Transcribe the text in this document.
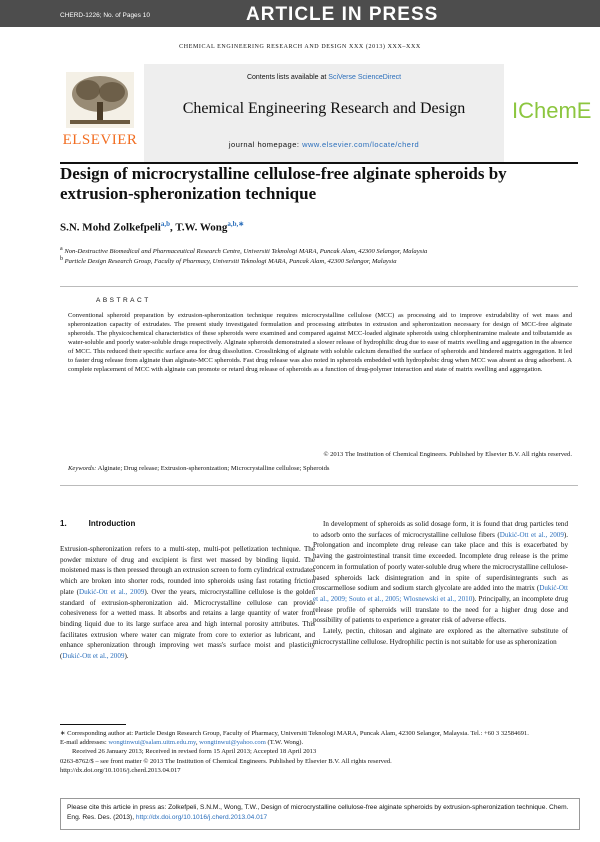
CHERD-1226; No. of Pages 10	ARTICLE IN PRESS
CHEMICAL ENGINEERING RESEARCH AND DESIGN XXX (2013) XXX–XXX
ELSEVIER
Contents lists available at SciVerse ScienceDirect
Chemical Engineering Research and Design
journal homepage: www.elsevier.com/locate/cherd
IChemE
Design of microcrystalline cellulose-free alginate spheroids by extrusion-spheronization technique
S.N. Mohd Zolkefpeli$^{a,b}$, T.W. Wong$^{a,b,∗}$
$^a$ Non-Destructive Biomedical and Pharmaceutical Research Centre, Universiti Teknologi MARA, Puncak Alam, 42300 Selangor, Malaysia
$^b$ Particle Design Research Group, Faculty of Pharmacy, Universiti Teknologi MARA, Puncak Alam, 42300 Selangor, Malaysia
ABSTRACT
Conventional spheroid preparation by extrusion-spheronization technique requires microcrystalline cellulose (MCC) as processing aid to improve extrudability of wet mass and spheronization capacity of extrudates. The present study investigated formulation and processing attributes in extrusion and spheronization necessary for design of MCC-free alginate spheroids. The physicochemical characteristics of these spheroids were examined and compared against MCC-loaded alginate spheroids using chlorpheniramine maleate and tolbutamide as water-soluble and poorly water-soluble drugs respectively. Alginate spheroids demonstrated a slower release of hydrophilic drug due to ease of matrix swelling and aggregation in the absence of MCC. This reduced their specific surface area for drug dissolution. Crosslinking of alginate with soluble calcium densified the surface of spheroids and hindered matrix aggregation. It led to faster drug release from alginate than alginate-MCC spheroids. Fast drug release was also noted in spheroids embedded with hydrophobic drug when MCC was absent as drug adsorbent. A complete replacement of MCC with alginate can promote or retard drug release of spheroids as a function of drug-polymer interaction and state of matrix swelling and aggregation.
© 2013 The Institution of Chemical Engineers. Published by Elsevier B.V. All rights reserved.
Keywords: Alginate; Drug release; Extrusion-spheronization; Microcrystalline cellulose; Spheroids
1.	Introduction

Extrusion-spheronization refers to a multi-step, multi-pot pelletization technique. The powder mixture of drug and excipient is first wet massed by binding liquid. The moistened mass is then pressed through an extrusion screen to form cylindrical extrudates which are broken into shorter rods, rounded into spheroids using fast rotating friction plate (Dukić-Ott et al., 2009). Over the years, microcrystalline cellulose is the golden standard of extrusion-spheronization aid. Microcrystalline cellulose can provide cohesiveness for a wetted mass. It absorbs and retains a large quantity of water from binding liquid due to its large surface area and high internal porosity attributes. This facilitates extrusion where water can migrate from core to exterior as lubricant, and enhance spheronization through improving wet mass's surface moist and plasticity (Dukić-Ott et al., 2009).

In development of spheroids as solid dosage form, it is found that drug particles tend to adsorb onto the surfaces of microcrystalline cellulose fibers (Dukić-Ott et al., 2009). Prolongation and incomplete drug release can take place and this is exacerbated by having the gastrointestinal transit time exceeded. Incomplete drug release is the prime concern in formulation of poorly water-soluble drug where the microcrystalline cellulose-based spheroids lack disintegration and in spite of superdisintegrants such as croscarmellose sodium and sodium starch glycolate are added into the matrix (Dukić-Ott et al., 2009; Souto et al., 2005; Wlosnewski et al., 2010). Principally, an incomplete drug release profile of spheroids will translate to the need for a higher drug dose and possibility of patients to experience a greater risk of adverse effects.

Lately, pectin, chitosan and alginate are explored as the alternative substitute of microcrystalline cellulose. Hydrophilic pectin is not suitable for use as spheronization

∗ Corresponding author at: Particle Design Research Group, Faculty of Pharmacy, Universiti Teknologi MARA, Puncak Alam, 42300 Selangor, Malaysia. Tel.: +60 3 32584691.
E-mail addresses: wongtinwui@salam.uitm.edu.my, wongtinwui@yahoo.com (T.W. Wong).
Received 26 January 2013; Received in revised form 15 April 2013; Accepted 18 April 2013
0263-8762/$ – see front matter © 2013 The Institution of Chemical Engineers. Published by Elsevier B.V. All rights reserved.
http://dx.doi.org/10.1016/j.cherd.2013.04.017
Please cite this article in press as: Zolkefpeli, S.N.M., Wong, T.W., Design of microcrystalline cellulose-free alginate spheroids by extrusion-spheronization technique. Chem. Eng. Res. Des. (2013), http://dx.doi.org/10.1016/j.cherd.2013.04.017
